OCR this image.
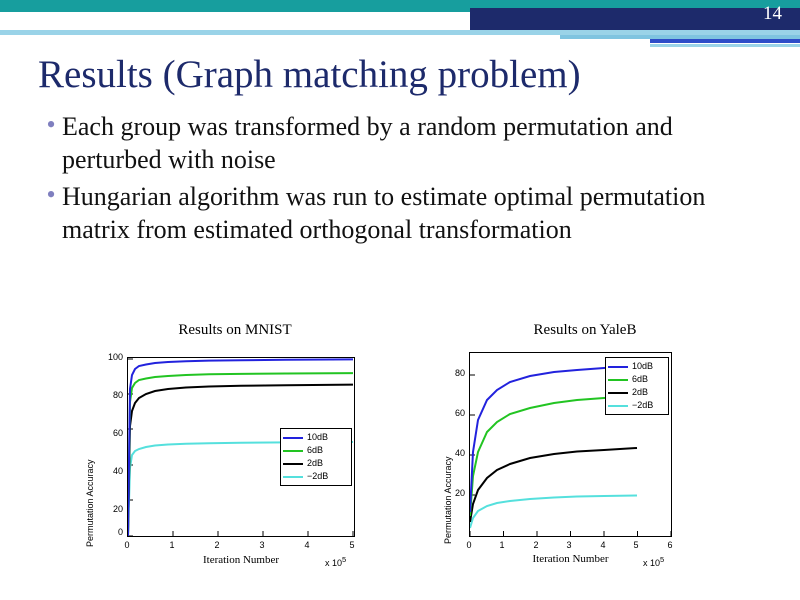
14
Results (Graph matching problem)
• Each group was transformed by a random permutation and perturbed with noise
• Hungarian algorithm was run to estimate optimal permutation matrix from estimated orthogonal transformation
Results on MNIST
Permutation Accuracy
100
80
60
40
20
0
10dB
6dB
2dB
−2dB
0	1	2	3	4	5
Iteration Number	x $10^5$
Results on YaleB
Permutation Accuracy
80
60
40
20
10dB
6dB
2dB
−2dB
0	1	2	3	4	5	6
Iteration Number	x $10^5$
